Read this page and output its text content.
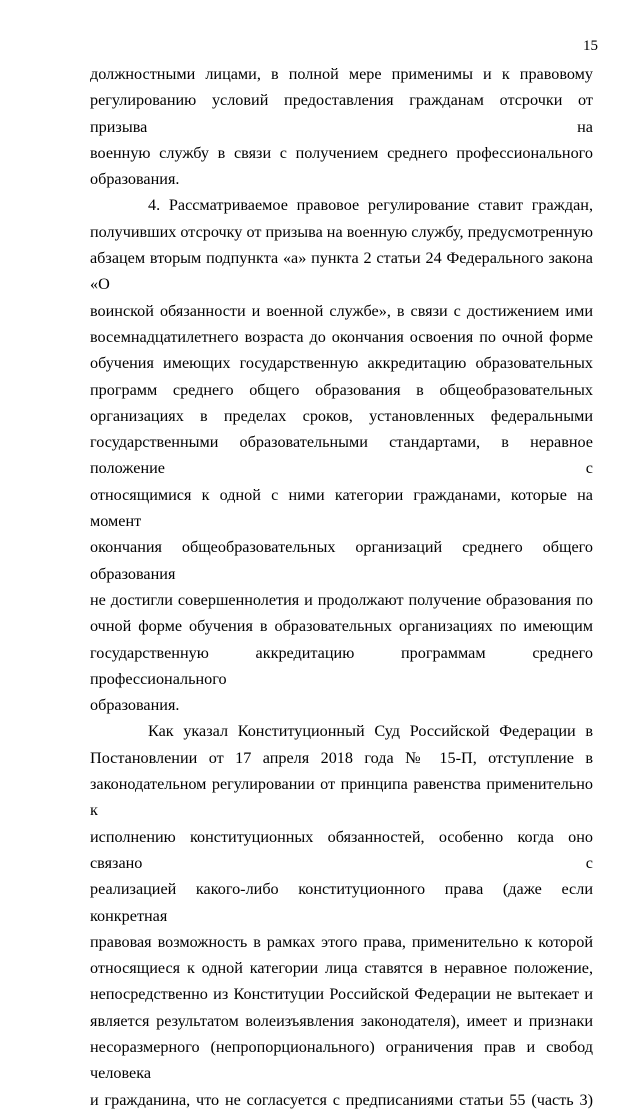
15

должностными лицами, в полной мере применимы и к правовому

регулированию условий предоставления гражданам отсрочки от призыва на

военную службу в связи с получением среднего профессионального

образования.

4. Рассматриваемое правовое регулирование ставит граждан,

получивших отсрочку от призыва на военную службу, предусмотренную

абзацем вторым подпункта «а» пункта 2 статьи 24 Федерального закона «О

воинской обязанности и военной службе», в связи с достижением ими

восемнадцатилетнего возраста до окончания освоения по очной форме

обучения имеющих государственную аккредитацию образовательных

программ среднего общего образования в общеобразовательных

организациях в пределах сроков, установленных федеральными

государственными образовательными стандартами, в неравное положение с

относящимися к одной с ними категории гражданами, которые на момент

окончания общеобразовательных организаций среднего общего образования

не достигли совершеннолетия и продолжают получение образования по

очной форме обучения в образовательных организациях по имеющим

государственную аккредитацию программам среднего профессионального

образования.

Как указал Конституционный Суд Российской Федерации в

Постановлении от 17 апреля 2018 года № 15-П, отступление в

законодательном регулировании от принципа равенства применительно к

исполнению конституционных обязанностей, особенно когда оно связано с

реализацией какого-либо конституционного права (даже если конкретная

правовая возможность в рамках этого права, применительно к которой

относящиеся к одной категории лица ставятся в неравное положение,

непосредственно из Конституции Российской Федерации не вытекает и

является результатом волеизъявления законодателя), имеет и признаки

несоразмерного (непропорционального) ограничения прав и свобод человека

и гражданина, что не согласуется с предписаниями статьи 55 (часть 3)
